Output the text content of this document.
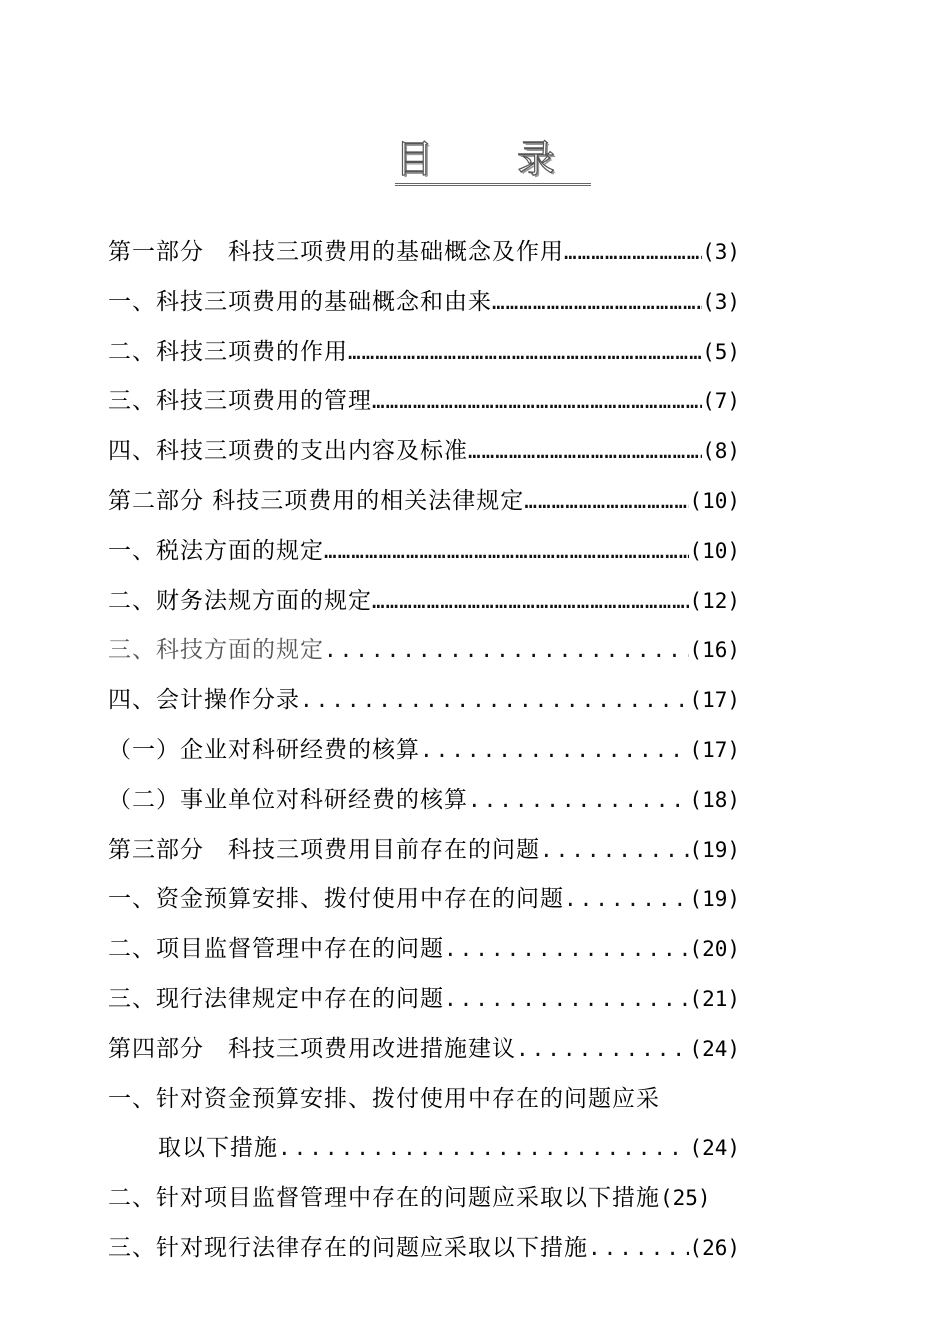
目 录
第一部分　科技三项费用的基础概念及作用 …………………………………………………………………………………………………………………	(3)
一、科技三项费用的基础概念和由来 …………………………………………………………………………………………………………………	(3)
二、科技三项费的作用 …………………………………………………………………………………………………………………	(5)
三、科技三项费用的管理 …………………………………………………………………………………………………………………	(7)
四、科技三项费的支出内容及标准 …………………………………………………………………………………………………………………	(8)
第二部分 科技三项费用的相关法律规定 …………………………………………………………………………………………………………………	(10)
一、税法方面的规定 …………………………………………………………………………………………………………………	(10)
二、财务法规方面的规定 …………………………………………………………………………………………………………………	(12)
三、科技方面的规定 .....	(16)
四、会计操作分录 .....	(17)
（一）企业对科研经费的核算 .....	(17)
（二）事业单位对科研经费的核算 .....	(18)
第三部分　科技三项费用目前存在的问题 .....	(19)
一、资金预算安排、拨付使用中存在的问题 .....	(19)
二、项目监督管理中存在的问题 .....	(20)
三、现行法律规定中存在的问题 .....	(21)
第四部分　科技三项费用改进措施建议 .....	(24)
一、针对资金预算安排、拨付使用中存在的问题应采
取以下措施 .....	(24)
二、针对项目监督管理中存在的问题应采取以下措施 (25)
三、针对现行法律存在的问题应采取以下措施 .....	(26)
